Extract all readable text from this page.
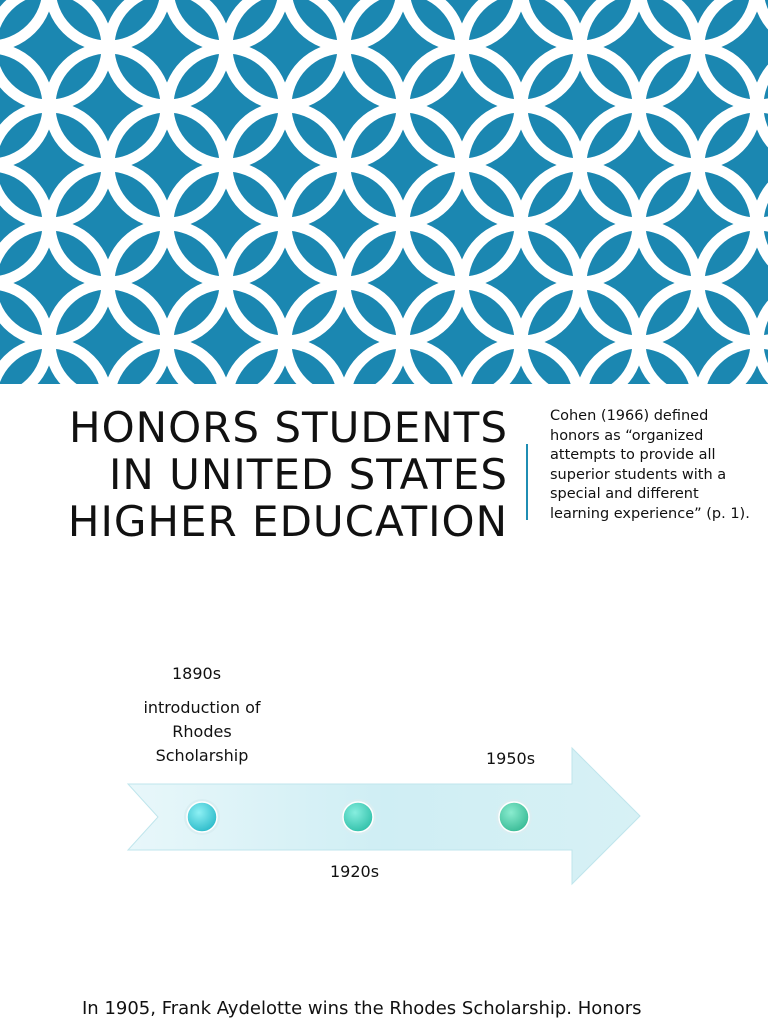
HONORS STUDENTS
IN UNITED STATES
HIGHER EDUCATION
Cohen (1966) defined honors as “organized attempts to provide all superior students with a special and different learning experience” (p. 1).
1890s
introduction of Rhodes Scholarship	1950s
1920s
In 1905, Frank Aydelotte wins the Rhodes Scholarship. Honors
